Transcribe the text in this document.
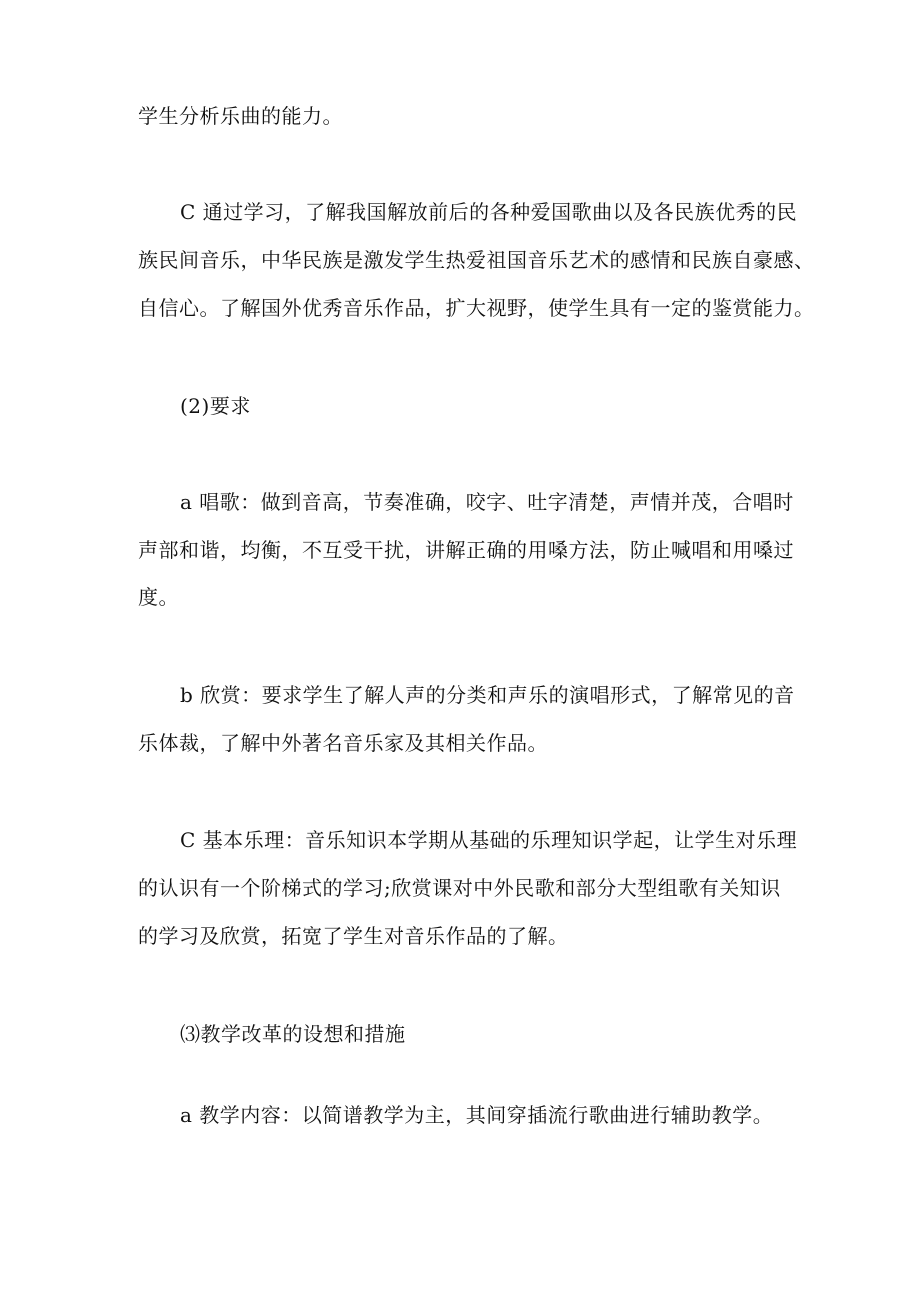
学生分析乐曲的能力。
C 通过学习，了解我国解放前后的各种爱国歌曲以及各民族优秀的民
族民间音乐，中华民族是激发学生热爱祖国音乐艺术的感情和民族自豪感、
自信心。了解国外优秀音乐作品，扩大视野，使学生具有一定的鉴赏能力。
(2)要求
a 唱歌：做到音高，节奏准确，咬字、吐字清楚，声情并茂，合唱时
声部和谐，均衡，不互受干扰，讲解正确的用嗓方法，防止喊唱和用嗓过
度。
b 欣赏：要求学生了解人声的分类和声乐的演唱形式，了解常见的音
乐体裁，了解中外著名音乐家及其相关作品。
C 基本乐理：音乐知识本学期从基础的乐理知识学起，让学生对乐理
的认识有一个阶梯式的学习;欣赏课对中外民歌和部分大型组歌有关知识
的学习及欣赏，拓宽了学生对音乐作品的了解。
⑶教学改革的设想和措施
a 教学内容：以简谱教学为主，其间穿插流行歌曲进行辅助教学。
